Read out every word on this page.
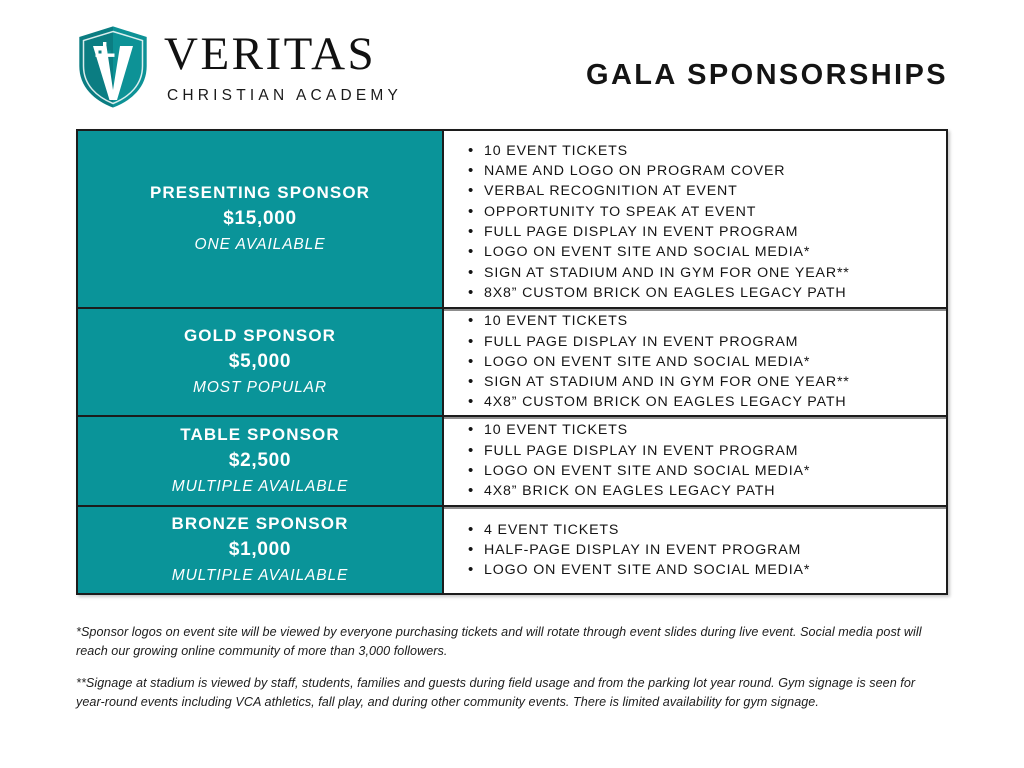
VERITAS
CHRISTIAN ACADEMY
GALA SPONSORSHIPS
PRESENTING SPONSOR
$15,000
ONE AVAILABLE
• 10 EVENT TICKETS
• NAME AND LOGO ON PROGRAM COVER
• VERBAL RECOGNITION AT EVENT
• OPPORTUNITY TO SPEAK AT EVENT
• FULL PAGE DISPLAY IN EVENT PROGRAM
• LOGO ON EVENT SITE AND SOCIAL MEDIA*
• SIGN AT STADIUM AND IN GYM FOR ONE YEAR**
• 8X8” CUSTOM BRICK ON EAGLES LEGACY PATH
GOLD SPONSOR
$5,000
MOST POPULAR
• 10 EVENT TICKETS
• FULL PAGE DISPLAY IN EVENT PROGRAM
• LOGO ON EVENT SITE AND SOCIAL MEDIA*
• SIGN AT STADIUM AND IN GYM FOR ONE YEAR**
• 4X8” CUSTOM BRICK ON EAGLES LEGACY PATH
TABLE SPONSOR
$2,500
MULTIPLE AVAILABLE
• 10 EVENT TICKETS
• FULL PAGE DISPLAY IN EVENT PROGRAM
• LOGO ON EVENT SITE AND SOCIAL MEDIA*
• 4X8” BRICK ON EAGLES LEGACY PATH
BRONZE SPONSOR
$1,000
MULTIPLE AVAILABLE
• 4 EVENT TICKETS
• HALF-PAGE DISPLAY IN EVENT PROGRAM
• LOGO ON EVENT SITE AND SOCIAL MEDIA*
*Sponsor logos on event site will be viewed by everyone purchasing tickets and will rotate through event slides during live event. Social media post will reach our growing online community of more than 3,000 followers.
**Signage at stadium is viewed by staff, students, families and guests during field usage and from the parking lot year round. Gym signage is seen for year-round events including VCA athletics, fall play, and during other community events. There is limited availability for gym signage.
